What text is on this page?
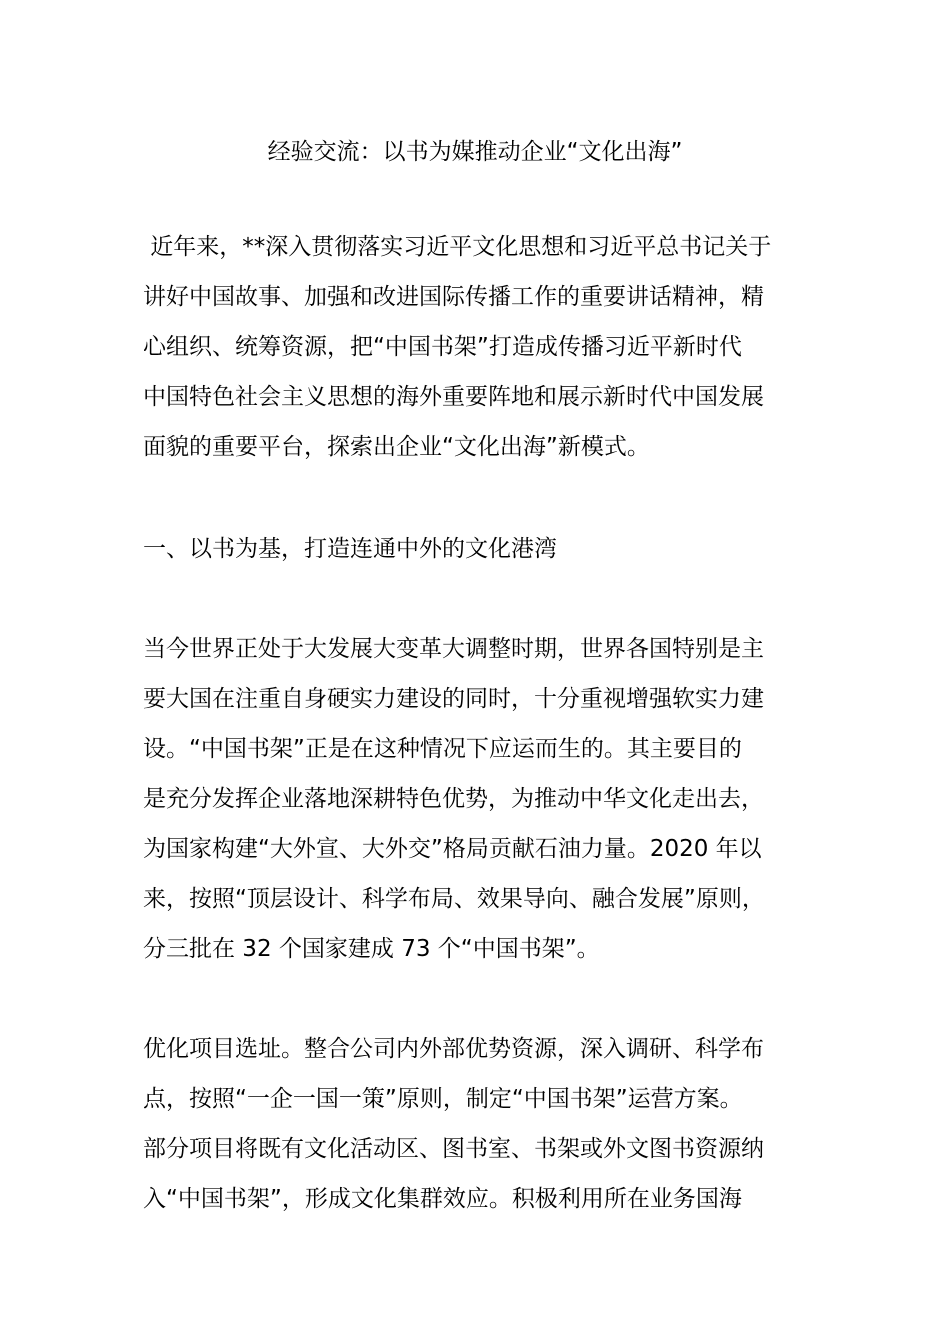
经验交流：以书为媒推动企业“文化出海”
近年来，**深入贯彻落实习近平文化思想和习近平总书记关于
讲好中国故事、加强和改进国际传播工作的重要讲话精神，精
心组织、统筹资源，把“中国书架”打造成传播习近平新时代
中国特色社会主义思想的海外重要阵地和展示新时代中国发展
面貌的重要平台，探索出企业“文化出海”新模式。
一、以书为基，打造连通中外的文化港湾
当今世界正处于大发展大变革大调整时期，世界各国特别是主
要大国在注重自身硬实力建设的同时，十分重视增强软实力建
设。“中国书架”正是在这种情况下应运而生的。其主要目的
是充分发挥企业落地深耕特色优势，为推动中华文化走出去，
为国家构建“大外宣、大外交”格局贡献石油力量。2020 年以
来，按照“顶层设计、科学布局、效果导向、融合发展”原则，
分三批在 32 个国家建成 73 个“中国书架”。
优化项目选址。整合公司内外部优势资源，深入调研、科学布
点，按照“一企一国一策”原则，制定“中国书架”运营方案。
部分项目将既有文化活动区、图书室、书架或外文图书资源纳
入“中国书架”，形成文化集群效应。积极利用所在业务国海
